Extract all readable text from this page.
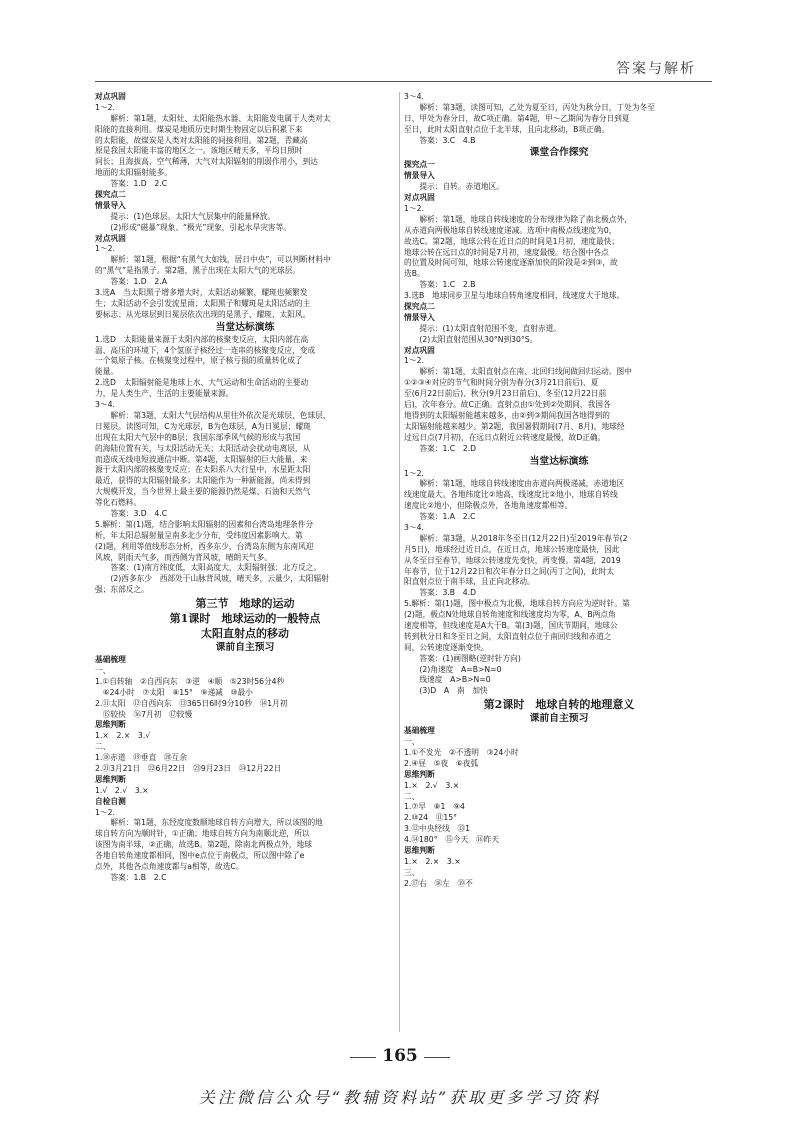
答案与解析
对点巩固
1～2.
　　解析：第1题，太阳灶、太阳能热水器、太阳能发电属于人类对太
阳能的直接利用。煤炭是地质历史时期生物固定以后积累下来
的太阳能，故煤炭是人类对太阳能的间接利用。第2题，青藏高
原是我国太阳能丰富的地区之一。该地区晴天多，平均日照时
间长；且海拔高，空气稀薄，大气对太阳辐射的削弱作用小，到达
地面的太阳辐射能多。
　　答案：1.D　2.C
探究点二
情景导入
　　提示：(1)色球层。太阳大气层集中的能量释放。
　　(2)形成“磁暴”现象、“极光”现象，引起水旱灾害等。
对点巩固
1～2.
　　解析：第1题，根据“有黑气大如钱，居日中央”，可以判断材料中
的“黑气”是指黑子。第2题，黑子出现在太阳大气的光球层。
　　答案：1.D　2.A
3.选A　当太阳黑子增多增大时，太阳活动频繁，耀斑也频繁发
生；太阳活动不会引发流星雨；太阳黑子和耀斑是太阳活动的主
要标志；从光球层到日冕层依次出现的是黑子、耀斑、太阳风。
当堂达标演练
1.选D　太阳能量来源于太阳内部的核聚变反应，太阳内部在高
温、高压的环境下，4个氢原子核经过一连串的核聚变反应，变成
一个氦原子核。在核聚变过程中，原子核亏损的质量转化成了
能量。
2.选D　太阳辐射能是地球上水、大气运动和生命活动的主要动
力，是人类生产、生活的主要能量来源。
3～4.
　　解析：第3题，太阳大气层结构从里往外依次是光球层、色球层、
日冕层。读图可知，C为光球层，B为色球层，A为日冕层；耀斑
出现在太阳大气层中的B层；我国东部季风气候的形成与我国
的海陆位置有关，与太阳活动无关；太阳活动会扰动电离层，从
而造成无线电短波通信中断。第4题，太阳辐射的巨大能量，来
源于太阳内部的核聚变反应；在太阳系八大行星中，水星距太阳
最近，获得的太阳辐射最多；太阳能作为一种新能源，尚未得到
大规模开发，当今世界上最主要的能源仍然是煤、石油和天然气
等化石燃料。
　　答案：3.D　4.C
5.解析：第(1)题，结合影响太阳辐射的因素和台湾岛地理条件分
析，年太阳总辐射量呈南多北少分布，受纬度因素影响大。第
(2)题，利用等值线形态分析，西多东少，台湾岛东侧为东南风迎
风坡，阴雨天气多，而西侧为背风坡，晴朗天气多。
　　答案：(1)南方纬度低，太阳高度大，太阳辐射强；北方反之。
　　(2)西多东少　西部处于山脉背风坡，晴天多，云量少，太阳辐射
强；东部反之。
第三节　地球的运动
第1课时　地球运动的一般特点
太阳直射点的移动
课前自主预习
基础梳理
一、
1.①自转轴　②自西向东　③逆　④顺　⑤23时56分4秒
　⑥24小时　⑦太阳　⑧15°　⑨递减　⑩最小
2.⑪太阳　⑫自西向东　⑬365日6时9分10秒　⑭1月初
　⑮较快　⑯7月初　⑰较慢
思维判断
1.×　2.×　3.√
二、
1.⑱赤道　⑲垂直　⑳互余
2.㉑3月21日　㉒6月22日　㉓9月23日　㉔12月22日
思维判断
1.√　2.√　3.×
自检自测
1～2.
　　解析：第1题，东经度度数顺地球自转方向增大，所以该图的地
球自转方向为顺时针，①正确；地球自转方向为南顺北逆，所以
该图为南半球，②正确，故选B。第2题，除南北两极点外，地球
各地自转角速度都相同，图中e点位于南极点，所以图中除了e
点外，其他各点角速度都与a相等，故选C。
　　答案：1.B　2.C
3～4.
　　解析：第3题，读图可知，乙处为夏至日，丙处为秋分日，丁处为冬至
日，甲处为春分日，故C项正确。第4题，甲～乙期间为春分日到夏
至日，此时太阳直射点位于北半球，且向北移动，B项正确。
　　答案：3.C　4.B
课堂合作探究
探究点一
情景导入
　　提示：自转。赤道地区。
对点巩固
1～2.
　　解析：第1题，地球自转线速度的分布规律为除了南北极点外，
从赤道向两极地球自转线速度递减。选项中南极点线速度为0，
故选C。第2题，地球公转在近日点的时间是1月初，速度最快；
地球公转在远日点的时间是7月初，速度最慢。结合图中各点
的位置及时间可知，地球公转速度逐渐加快的阶段是②到③，故
选B。
　　答案：1.C　2.B
3.选B　地球同步卫星与地球自转角速度相同，线速度大于地球。
探究点二
情景导入
　　提示：(1)太阳直射范围不变，直射赤道。
　　(2)太阳直射范围从30°N到30°S。
对点巩固
1～2.
　　解析：第1题，太阳直射点在南、北回归线间做回归运动。图中
①②③④对应的节气和时间分别为春分(3月21日前后)、夏
至(6月22日前后)、秋分(9月23日前后)、冬至(12月22日前
后)，次年春分。故C正确。直射点由①处到②处期间，我国各
地得到的太阳辐射能越来越多，由②到③期间我国各地得到的
太阳辐射能越来越少。第2题，我国暑假期间(7月、8月)，地球经
过远日点(7月初)，在远日点附近公转速度最慢，故D正确。
　　答案：1.C　2.D
当堂达标演练
1～2.
　　解析：第1题，地球自转线速度由赤道向两极递减，赤道地区
线速度最大。各地纬度比②地高，线速度比②地小，地球自转线
速度比②地小，但除极点外，各地角速度都相等。
　　答案：1.A　2.C
3～4.
　　解析：第3题，从2018年冬至日(12月22日)至2019年春节(2
月5日)，地球经过近日点，在近日点，地球公转速度最快，因此
从冬至日至春节，地球公转速度先变快，再变慢。第4题，2019
年春节，位于12月22日和次年春分日之间(丙丁之间)，此时太
阳直射点位于南半球，且正向北移动。
　　答案：3.B　4.D
5.解析：第(1)题，图中极点为北极，地球自转方向应为逆时针。第
(2)题，极点N处地球自转角速度和线速度均为零，A、B两点角
速度相等，但线速度是A大于B。第(3)题，国庆节期间，地球公
转到秋分日和冬至日之间，太阳直射点位于南回归线和赤道之
间，公转速度逐渐变快。
　　答案：(1)画图略(逆时针方向)
　　(2)角速度　A=B>N=0
　　线速度　A>B>N=0
　　(3)D　A　南　加快
第2课时　地球自转的地理意义
课前自主预习
基础梳理
一、
1.①不发光　②不透明　③24小时
2.④昼　⑤夜　⑥夜弧
思维判断
1.×　2.√　3.×
二、
1.⑦早　⑧1　⑨4
2.⑩24　⑪15°
3.⑫中央经线　⑬1
4.⑭180°　⑮今天　⑯昨天
思维判断
1.×　2.×　3.×
三、
2.⑰右　⑱左　⑲不
165
关注微信公众号“教辅资料站”获取更多学习资料
